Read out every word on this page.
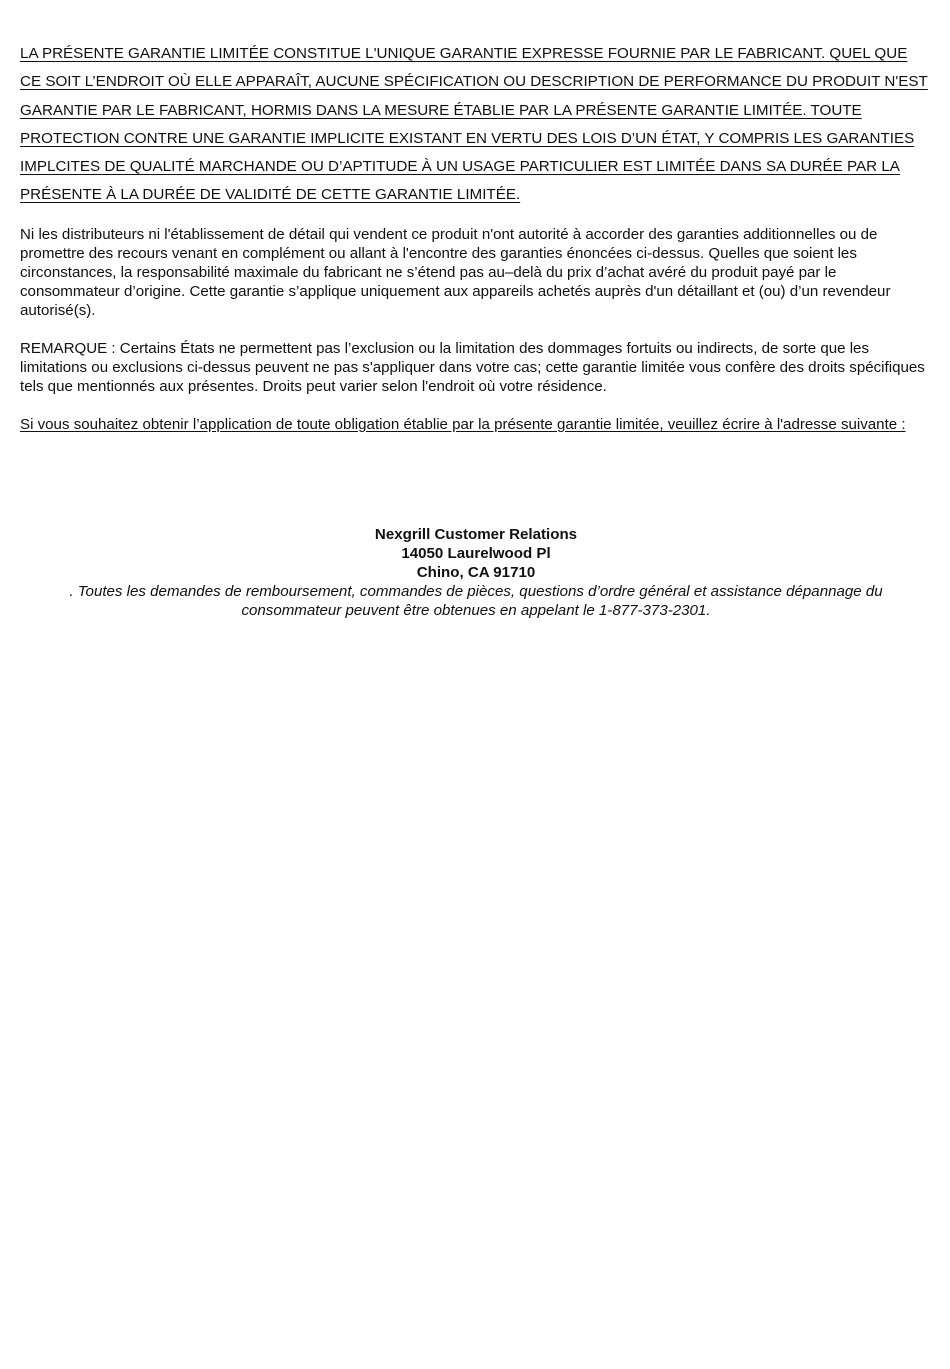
LA PRÉSENTE GARANTIE LIMITÉE CONSTITUE L'UNIQUE GARANTIE EXPRESSE FOURNIE PAR LE FABRICANT. QUEL QUE CE SOIT L’ENDROIT OÙ ELLE APPARAÎT, AUCUNE SPÉCIFICATION OU DESCRIPTION DE PERFORMANCE DU PRODUIT N'EST GARANTIE PAR LE FABRICANT, HORMIS DANS LA MESURE ÉTABLIE PAR LA PRÉSENTE GARANTIE LIMITÉE. TOUTE PROTECTION CONTRE UNE GARANTIE IMPLICITE EXISTANT EN VERTU DES LOIS D’UN ÉTAT, Y COMPRIS LES GARANTIES IMPLCITES DE QUALITÉ MARCHANDE OU D’APTITUDE À UN USAGE PARTICULIER EST LIMITÉE DANS SA DURÉE PAR LA PRÉSENTE À LA DURÉE DE VALIDITÉ DE CETTE GARANTIE LIMITÉE.

Ni les distributeurs ni l'établissement de détail qui vendent ce produit n'ont autorité à accorder des garanties additionnelles ou de promettre des recours venant en complément ou allant à l'encontre des garanties énoncées ci-dessus. Quelles que soient les circonstances, la responsabilité maximale du fabricant ne s’étend pas au–delà du prix d’achat avéré du produit payé par le consommateur d’origine. Cette garantie s’applique uniquement aux appareils achetés auprès d'un détaillant et (ou) d’un revendeur autorisé(s).

REMARQUE : Certains États ne permettent pas l’exclusion ou la limitation des dommages fortuits ou indirects, de sorte que les limitations ou exclusions ci-dessus peuvent ne pas s'appliquer dans votre cas; cette garantie limitée vous confère des droits spécifiques tels que mentionnés aux présentes. Droits peut varier selon l'endroit où votre résidence.

Si vous souhaitez obtenir l’application de toute obligation établie par la présente garantie limitée, veuillez écrire à l'adresse suivante :

Nexgrill Customer Relations
14050 Laurelwood Pl
Chino, CA 91710
. Toutes les demandes de remboursement, commandes de pièces, questions d’ordre général et assistance dépannage du consommateur peuvent être obtenues en appelant le 1-877-373-2301.
